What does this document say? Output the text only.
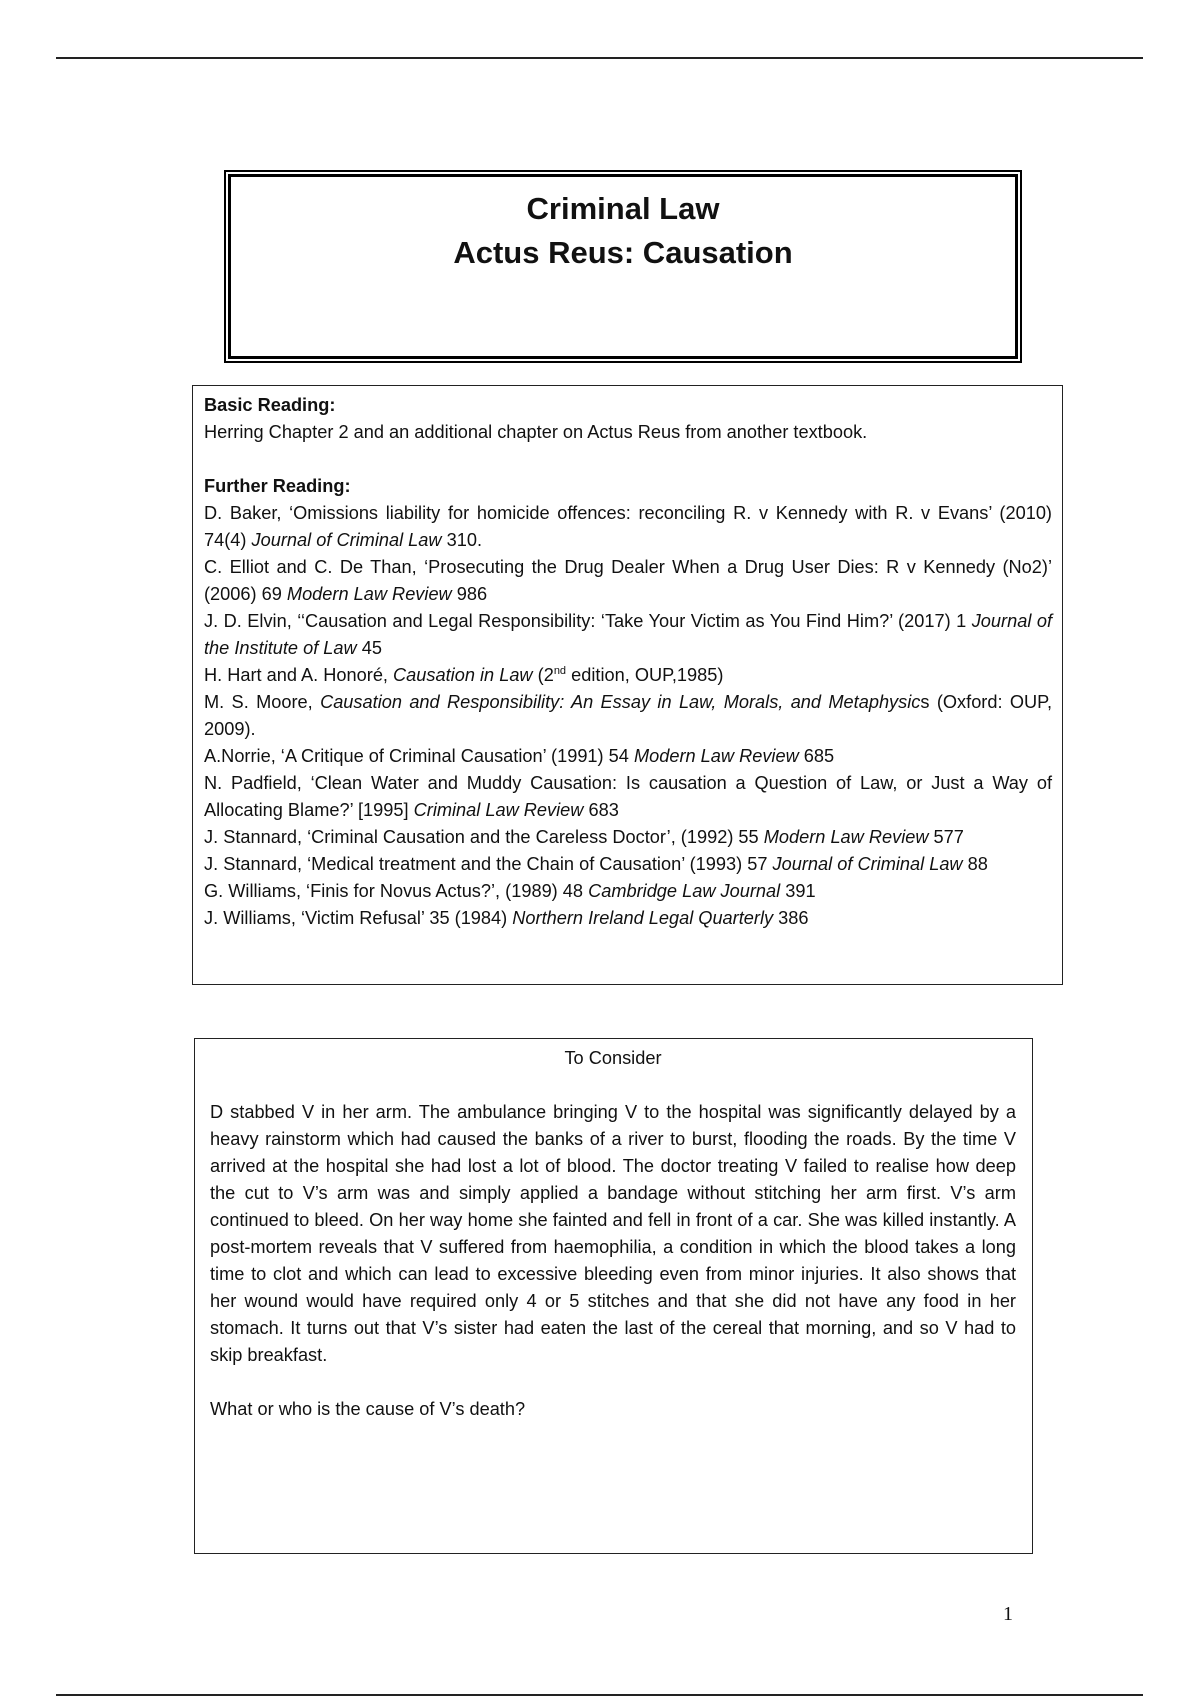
Criminal Law
Actus Reus: Causation
Basic Reading:
Herring Chapter 2 and an additional chapter on Actus Reus from another textbook.
Further Reading:
D. Baker, ‘Omissions liability for homicide offences: reconciling R. v Kennedy with R. v Evans’ (2010) 74(4) Journal of Criminal Law 310.
C. Elliot and C. De Than, ‘Prosecuting the Drug Dealer When a Drug User Dies: R v Kennedy (No2)’ (2006) 69 Modern Law Review 986
J. D. Elvin, ‘‘Causation and Legal Responsibility: ‘Take Your Victim as You Find Him?’ (2017) 1 Journal of the Institute of Law 45
H. Hart and A. Honoré, Causation in Law (2nd edition, OUP,1985)
M. S. Moore, Causation and Responsibility: An Essay in Law, Morals, and Metaphysics (Oxford: OUP, 2009).
A.Norrie, ‘A Critique of Criminal Causation’ (1991) 54 Modern Law Review 685
N. Padfield, ‘Clean Water and Muddy Causation: Is causation a Question of Law, or Just a Way of Allocating Blame?’ [1995] Criminal Law Review 683
J. Stannard, ‘Criminal Causation and the Careless Doctor’, (1992) 55 Modern Law Review 577
J. Stannard, ‘Medical treatment and the Chain of Causation’ (1993) 57 Journal of Criminal Law 88
G. Williams, ‘Finis for Novus Actus?’, (1989) 48 Cambridge Law Journal 391
J. Williams, ‘Victim Refusal’ 35 (1984) Northern Ireland Legal Quarterly 386
To Consider
D stabbed V in her arm. The ambulance bringing V to the hospital was significantly delayed by a heavy rainstorm which had caused the banks of a river to burst, flooding the roads. By the time V arrived at the hospital she had lost a lot of blood. The doctor treating V failed to realise how deep the cut to V’s arm was and simply applied a bandage without stitching her arm first. V’s arm continued to bleed. On her way home she fainted and fell in front of a car. She was killed instantly. A post-mortem reveals that V suffered from haemophilia, a condition in which the blood takes a long time to clot and which can lead to excessive bleeding even from minor injuries. It also shows that her wound would have required only 4 or 5 stitches and that she did not have any food in her stomach. It turns out that V’s sister had eaten the last of the cereal that morning, and so V had to skip breakfast.
What or who is the cause of V’s death?
1
